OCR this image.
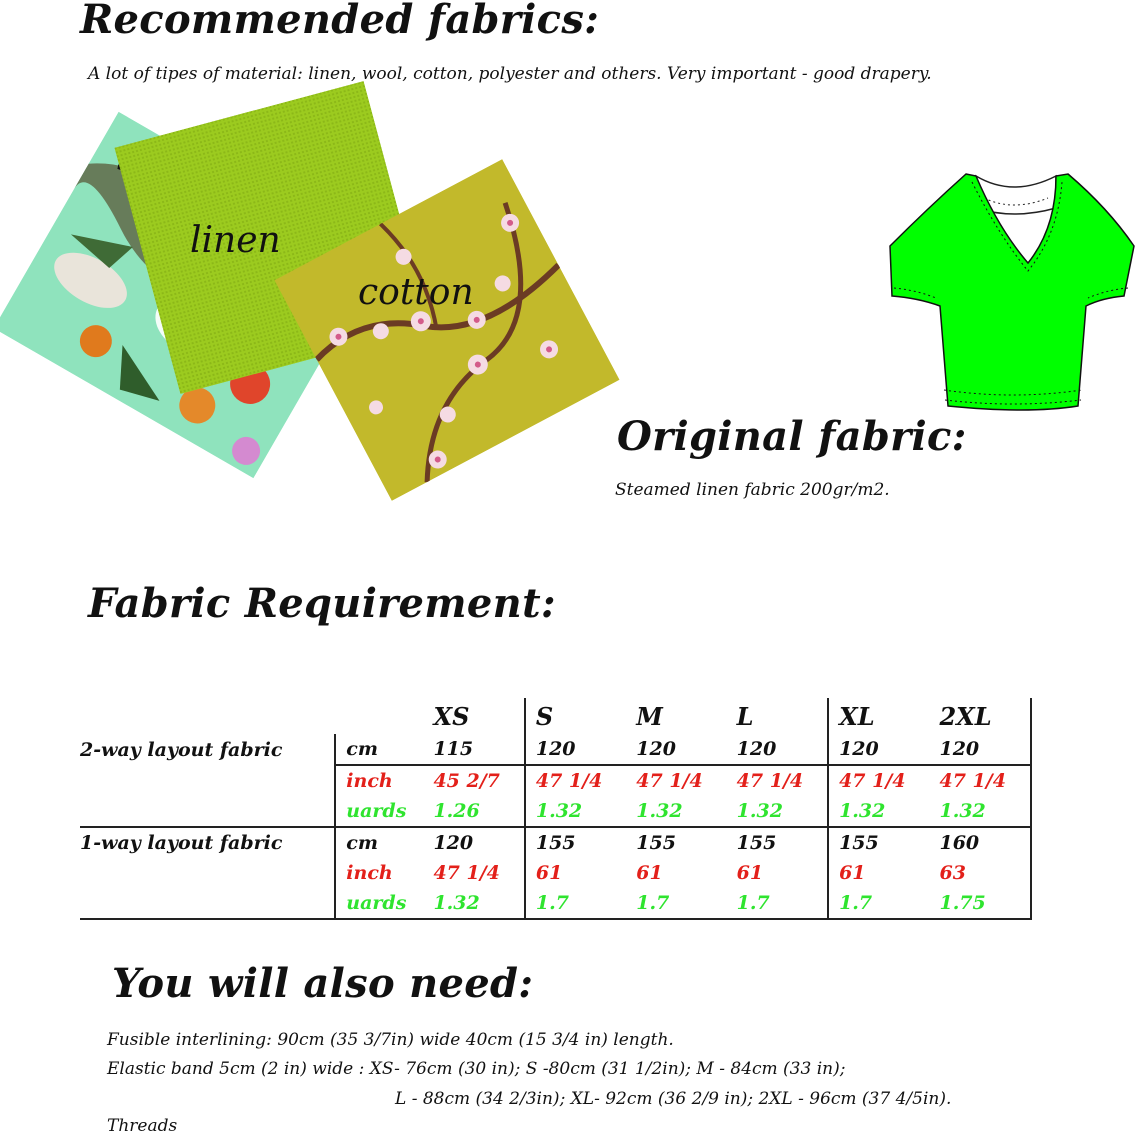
Recommended fabrics:
A lot of tipes of material: linen, wool, cotton, polyester and others. Very important - good drapery.
linen
cotton
Original fabric:
Steamed linen fabric 200gr/m2.
Fabric Requirement:
		XS	S	M	L	XL	2XL
2-way layout fabric	cm	115	120	120	120	120	120
	inch	45 2/7	47 1/4	47 1/4	47 1/4	47 1/4	47 1/4
	uards	1.26	1.32	1.32	1.32	1.32	1.32
1-way layout fabric	cm	120	155	155	155	155	160
	inch	47 1/4	61	61	61	61	63
	uards	1.32	1.7	1.7	1.7	1.7	1.75
You will also need:
Fusible interlining: 90cm (35 3/7in) wide 40cm (15 3/4 in) length.
Elastic band 5cm (2 in) wide : XS- 76cm (30 in); S -80cm (31 1/2in); M - 84cm (33 in);
L - 88cm (34 2/3in); XL- 92cm (36 2/9 in); 2XL - 96cm (37 4/5in).
Threads
